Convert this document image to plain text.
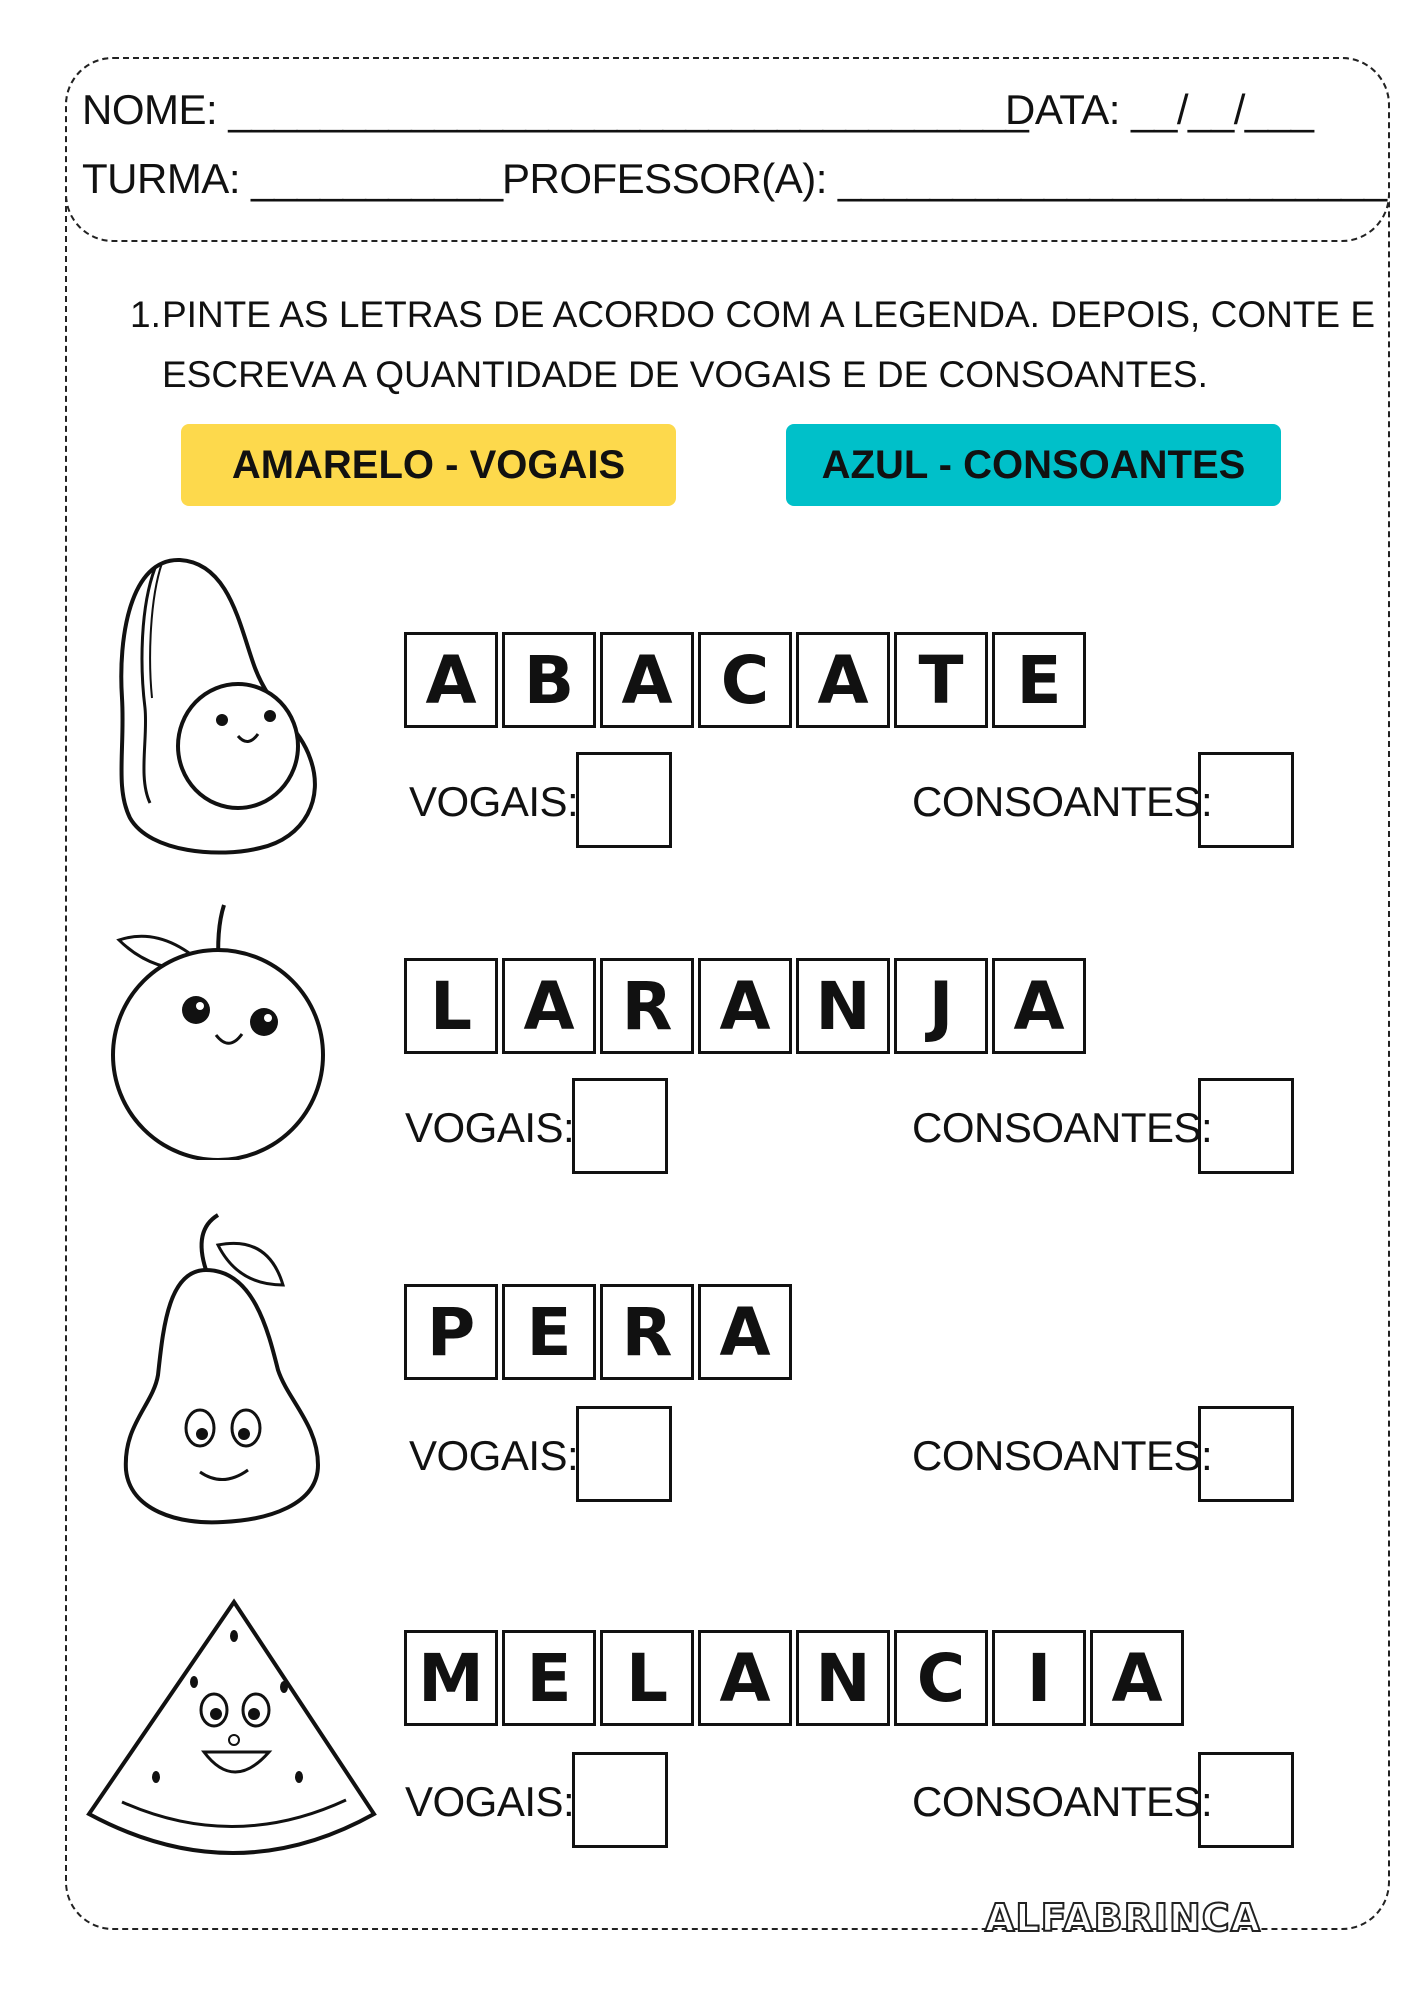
NOME: ___________________________________
DATA: __/__/___
TURMA: ___________ PROFESSOR(A): ________________________
1.PINTE AS LETRAS DE ACORDO COM A LEGENDA. DEPOIS, CONTE E
ESCREVA A QUANTIDADE DE VOGAIS E DE CONSOANTES.
AMARELO - VOGAIS	AZUL - CONSOANTES
A B A C A T E
VOGAIS:	CONSOANTES:
L A R A N J A
VOGAIS:	CONSOANTES:
P E R A
VOGAIS:	CONSOANTES:
M E L A N C I A
VOGAIS:	CONSOANTES:
ALFABRINCA
